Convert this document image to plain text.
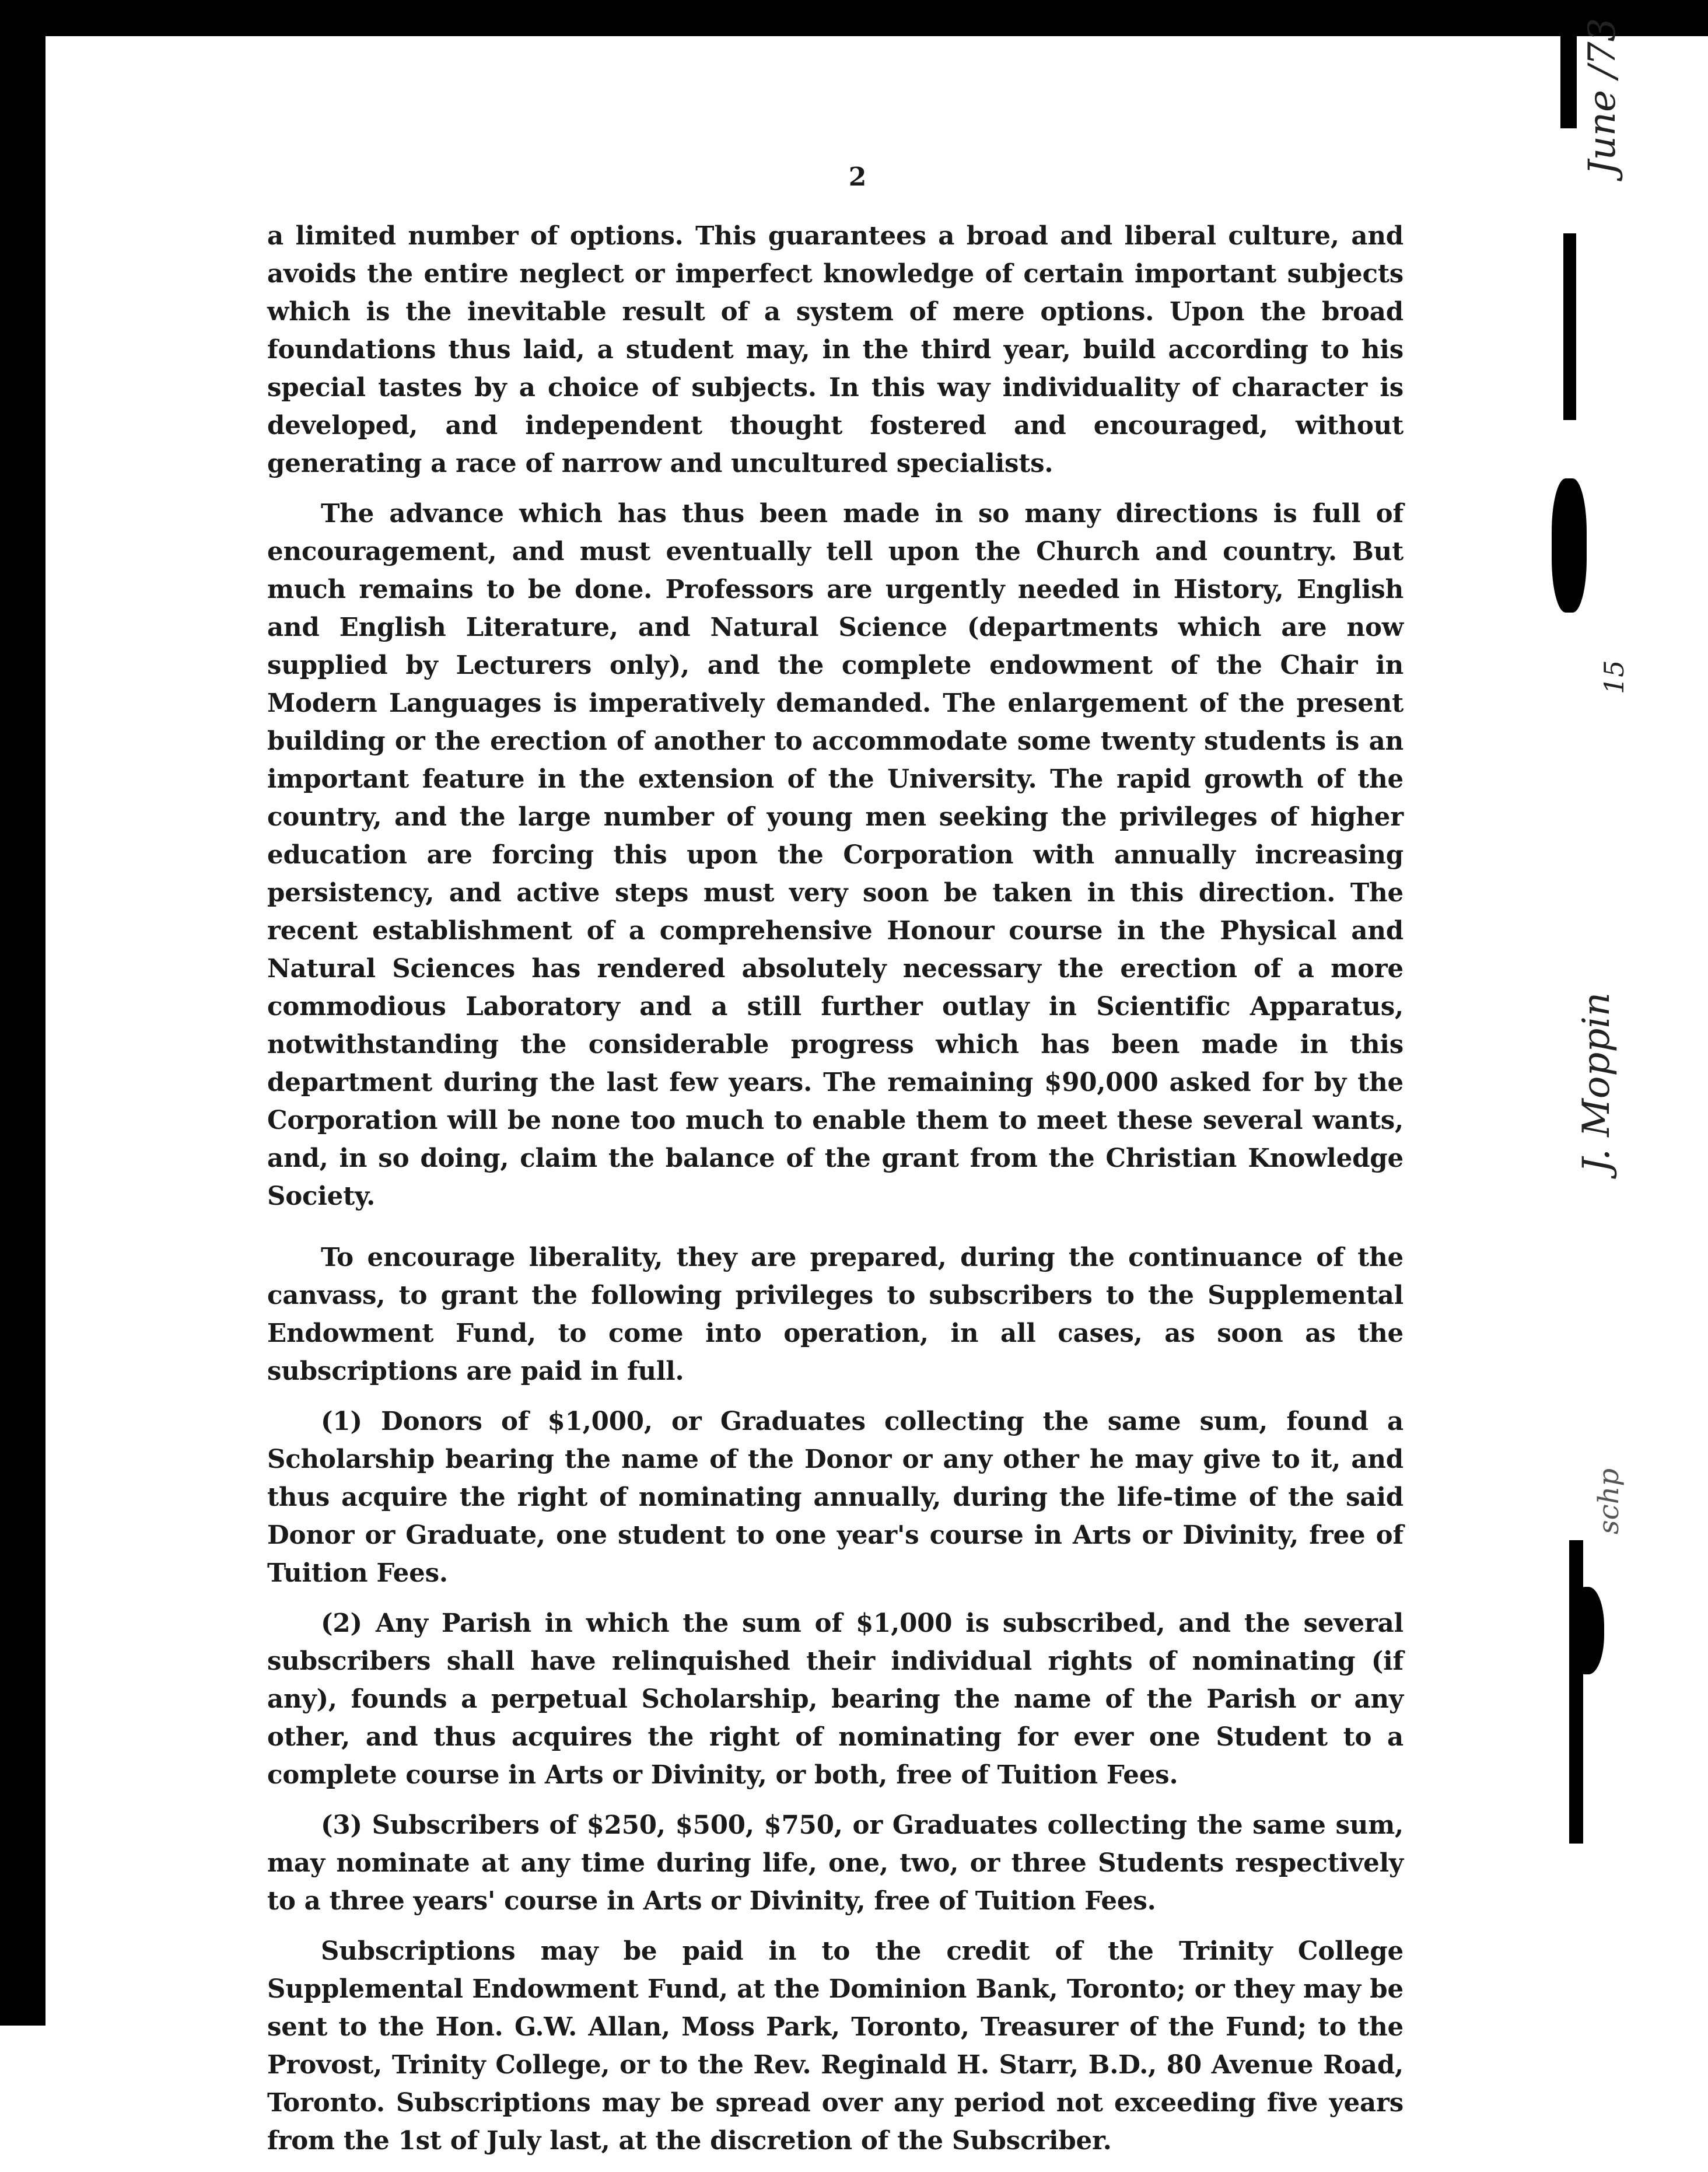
2

a limited number of options. This guarantees a broad and liberal culture, and avoids the entire neglect or imperfect knowledge of certain important subjects which is the inevitable result of a system of mere options. Upon the broad foundations thus laid, a student may, in the third year, build according to his special tastes by a choice of subjects. In this way individuality of character is developed, and independent thought fostered and encouraged, without generating a race of narrow and uncultured specialists.

The advance which has thus been made in so many directions is full of encouragement, and must eventually tell upon the Church and country. But much remains to be done. Professors are urgently needed in History, English and English Literature, and Natural Science (departments which are now supplied by Lecturers only), and the complete endowment of the Chair in Modern Languages is imperatively demanded. The enlargement of the present building or the erection of another to accommodate some twenty students is an important feature in the extension of the University. The rapid growth of the country, and the large number of young men seeking the privileges of higher education are forcing this upon the Corporation with annually increasing persistency, and active steps must very soon be taken in this direction. The recent establishment of a comprehensive Honour course in the Physical and Natural Sciences has rendered absolutely necessary the erection of a more commodious Laboratory and a still further outlay in Scientific Apparatus, notwithstanding the considerable progress which has been made in this department during the last few years. The remaining $90,000 asked for by the Corporation will be none too much to enable them to meet these several wants, and, in so doing, claim the balance of the grant from the Christian Knowledge Society.

To encourage liberality, they are prepared, during the continuance of the canvass, to grant the following privileges to subscribers to the Supplemental Endowment Fund, to come into operation, in all cases, as soon as the subscriptions are paid in full.

(1) Donors of $1,000, or Graduates collecting the same sum, found a Scholarship bearing the name of the Donor or any other he may give to it, and thus acquire the right of nominating annually, during the life-time of the said Donor or Graduate, one student to one year's course in Arts or Divinity, free of Tuition Fees.

(2) Any Parish in which the sum of $1,000 is subscribed, and the several subscribers shall have relinquished their individual rights of nominating (if any), founds a perpetual Scholarship, bearing the name of the Parish or any other, and thus acquires the right of nominating for ever one Student to a complete course in Arts or Divinity, or both, free of Tuition Fees.

(3) Subscribers of $250, $500, $750, or Graduates collecting the same sum, may nominate at any time during life, one, two, or three Students respectively to a three years' course in Arts or Divinity, free of Tuition Fees.

Subscriptions may be paid in to the credit of the Trinity College Supplemental Endowment Fund, at the Dominion Bank, Toronto; or they may be sent to the Hon. G.W. Allan, Moss Park, Toronto, Treasurer of the Fund; to the Provost, Trinity College, or to the Rev. Reginald H. Starr, B.D., 80 Avenue Road, Toronto. Subscriptions may be spread over any period not exceeding five years from the 1st of July last, at the discretion of the Subscriber.

June /73
15
J. Moppin
schp
